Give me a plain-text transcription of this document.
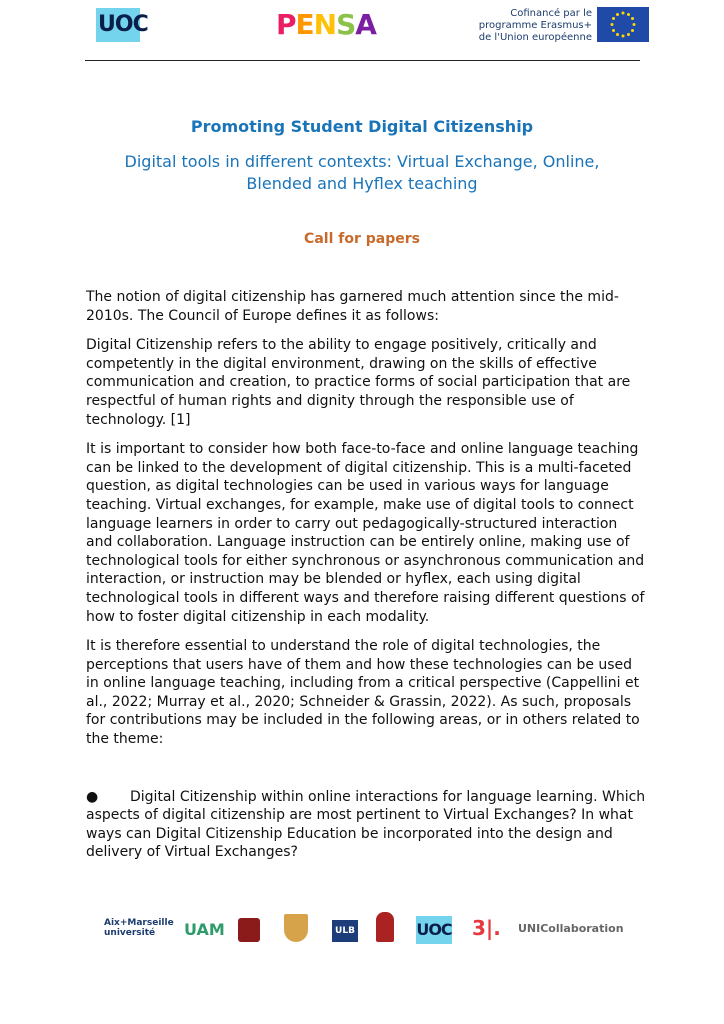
UOC	PENSA	Cofinancé par le
programme Erasmus+
de l'Union européenne
Promoting Student Digital Citizenship
Digital tools in different contexts: Virtual Exchange, Online,
Blended and Hyflex teaching
Call for papers

The notion of digital citizenship has garnered much attention since the mid-2010s. The Council of Europe defines it as follows:

Digital Citizenship refers to the ability to engage positively, critically and competently in the digital environment, drawing on the skills of effective communication and creation, to practice forms of social participation that are respectful of human rights and dignity through the responsible use of technology. [1]

It is important to consider how both face-to-face and online language teaching can be linked to the development of digital citizenship. This is a multi-faceted question, as digital technologies can be used in various ways for language teaching. Virtual exchanges, for example, make use of digital tools to connect language learners in order to carry out pedagogically-structured interaction and collaboration. Language instruction can be entirely online, making use of technological tools for either synchronous or asynchronous communication and interaction, or instruction may be blended or hyflex, each using digital technological tools in different ways and therefore raising different questions of how to foster digital citizenship in each modality.

It is therefore essential to understand the role of digital technologies, the perceptions that users have of them and how these technologies can be used in online language teaching, including from a critical perspective (Cappellini et al., 2022; Murray et al., 2020; Schneider & Grassin, 2022). As such, proposals for contributions may be included in the following areas, or in others related to the theme:

● Digital Citizenship within online interactions for language learning. Which aspects of digital citizenship are most pertinent to Virtual Exchanges? In what ways can Digital Citizenship Education be incorporated into the design and delivery of Virtual Exchanges?

Aix+Marseille
université	UAM	ULB	UOC 3|. UNICollaboration
